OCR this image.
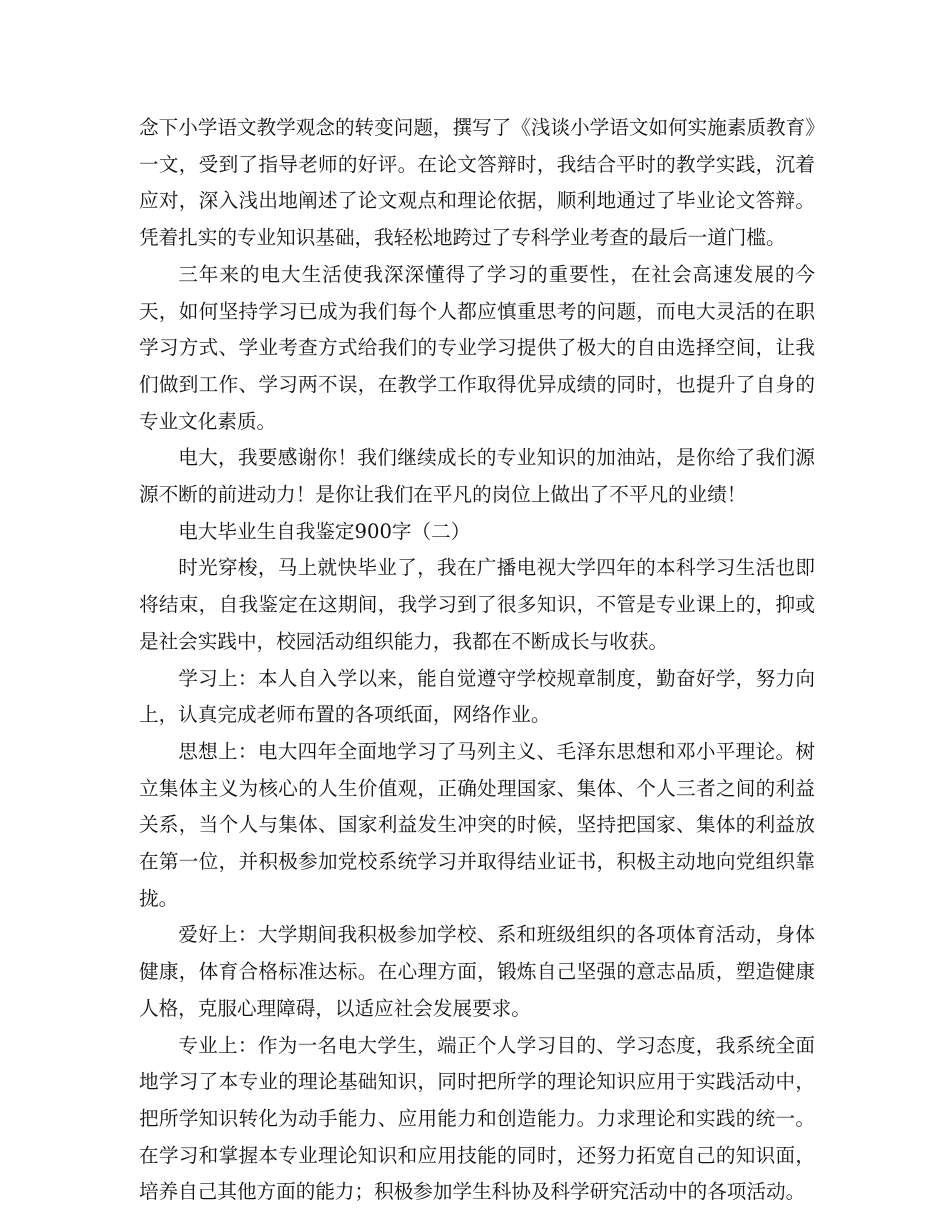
念下小学语文教学观念的转变问题，撰写了《浅谈小学语文如何实施素质教育》一文，受到了指导老师的好评。在论文答辩时，我结合平时的教学实践，沉着应对，深入浅出地阐述了论文观点和理论依据，顺利地通过了毕业论文答辩。凭着扎实的专业知识基础，我轻松地跨过了专科学业考查的最后一道门槛。

三年来的电大生活使我深深懂得了学习的重要性，在社会高速发展的今天，如何坚持学习已成为我们每个人都应慎重思考的问题，而电大灵活的在职学习方式、学业考查方式给我们的专业学习提供了极大的自由选择空间，让我们做到工作、学习两不误，在教学工作取得优异成绩的同时，也提升了自身的专业文化素质。

电大，我要感谢你！我们继续成长的专业知识的加油站，是你给了我们源源不断的前进动力！是你让我们在平凡的岗位上做出了不平凡的业绩！

电大毕业生自我鉴定900字（二）

时光穿梭，马上就快毕业了，我在广播电视大学四年的本科学习生活也即将结束，自我鉴定在这期间，我学习到了很多知识，不管是专业课上的，抑或是社会实践中，校园活动组织能力，我都在不断成长与收获。

学习上：本人自入学以来，能自觉遵守学校规章制度，勤奋好学，努力向上，认真完成老师布置的各项纸面，网络作业。

思想上：电大四年全面地学习了马列主义、毛泽东思想和邓小平理论。树立集体主义为核心的人生价值观，正确处理国家、集体、个人三者之间的利益关系，当个人与集体、国家利益发生冲突的时候，坚持把国家、集体的利益放在第一位，并积极参加党校系统学习并取得结业证书，积极主动地向党组织靠拢。

爱好上：大学期间我积极参加学校、系和班级组织的各项体育活动，身体健康，体育合格标准达标。在心理方面，锻炼自己坚强的意志品质，塑造健康人格，克服心理障碍，以适应社会发展要求。

专业上：作为一名电大学生，端正个人学习目的、学习态度，我系统全面地学习了本专业的理论基础知识，同时把所学的理论知识应用于实践活动中，把所学知识转化为动手能力、应用能力和创造能力。力求理论和实践的统一。在学习和掌握本专业理论知识和应用技能的同时，还努力拓宽自己的知识面，培养自己其他方面的能力；积极参加学生科协及科学研究活动中的各项活动。
